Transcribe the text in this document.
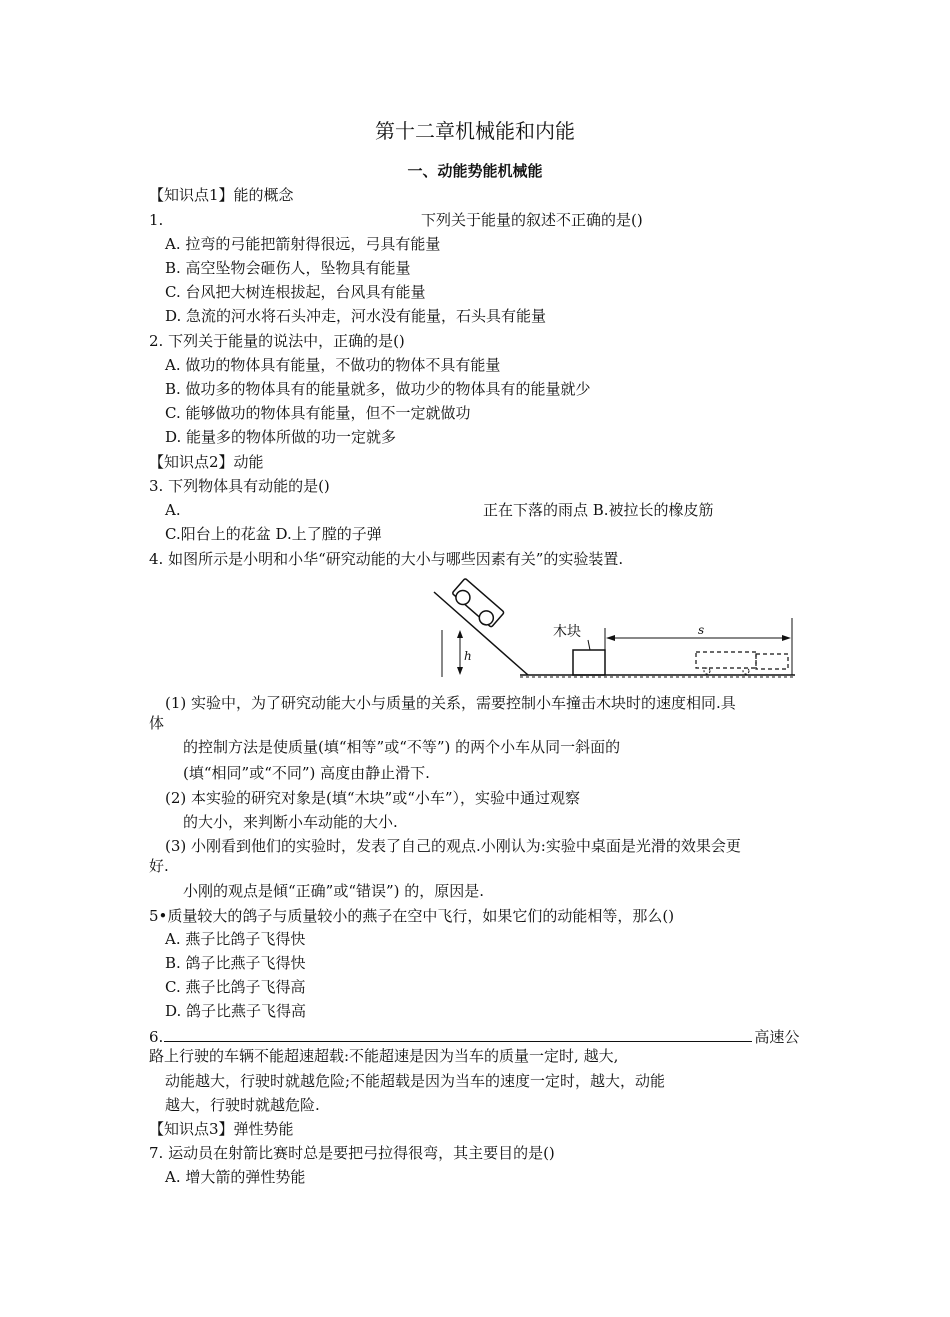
第十二章机械能和内能
一、动能势能机械能
【知识点1】能的概念
1.	下列关于能量的叙述不正确的是()
A. 拉弯的弓能把箭射得很远，弓具有能量
B. 高空坠物会砸伤人，坠物具有能量
C. 台风把大树连根拔起，台风具有能量
D. 急流的河水将石头冲走，河水没有能量，石头具有能量
2. 下列关于能量的说法中，正确的是()
A. 做功的物体具有能量，不做功的物体不具有能量
B. 做功多的物体具有的能量就多，做功少的物体具有的能量就少
C. 能够做功的物体具有能量，但不一定就做功
D. 能量多的物体所做的功一定就多
【知识点2】动能
3. 下列物体具有动能的是()
A.	正在下落的雨点 B.被拉长的橡皮筋
C.阳台上的花盆 D.上了膛的子弹
4. 如图所示是小明和小华“研究动能的大小与哪些因素有关”的实验装置.
木块
h
s
(1) 实验中，为了研究动能大小与质量的关系，需要控制小车撞击木块时的速度相同.具
体
的控制方法是使质量(填“相等”或“不等”) 的两个小车从同一斜面的
(填“相同”或“不同”) 高度由静止滑下.
(2) 本实验的研究对象是(填“木块”或“小车”），实验中通过观察
的大小，来判断小车动能的大小.
(3) 小刚看到他们的实验时，发表了自己的观点.小刚认为:实验中桌面是光滑的效果会更
好.
小刚的观点是傾“正确”或“错误”) 的，原因是.
5•质量较大的鸽子与质量较小的燕子在空中飞行，如果它们的动能相等，那么()
A. 燕子比鸽子飞得快
B. 鸽子比燕子飞得快
C. 燕子比鸽子飞得高
D. 鸽子比燕子飞得高
6.	高速公
路上行驶的车辆不能超速超载:不能超速是因为当车的质量一定时, 越大,
动能越大，行驶时就越危险;不能超载是因为当车的速度一定时，越大，动能
越大，行驶时就越危险.
【知识点3】弹性势能
7. 运动员在射箭比赛时总是要把弓拉得很弯，其主要目的是()
A. 增大箭的弹性势能
